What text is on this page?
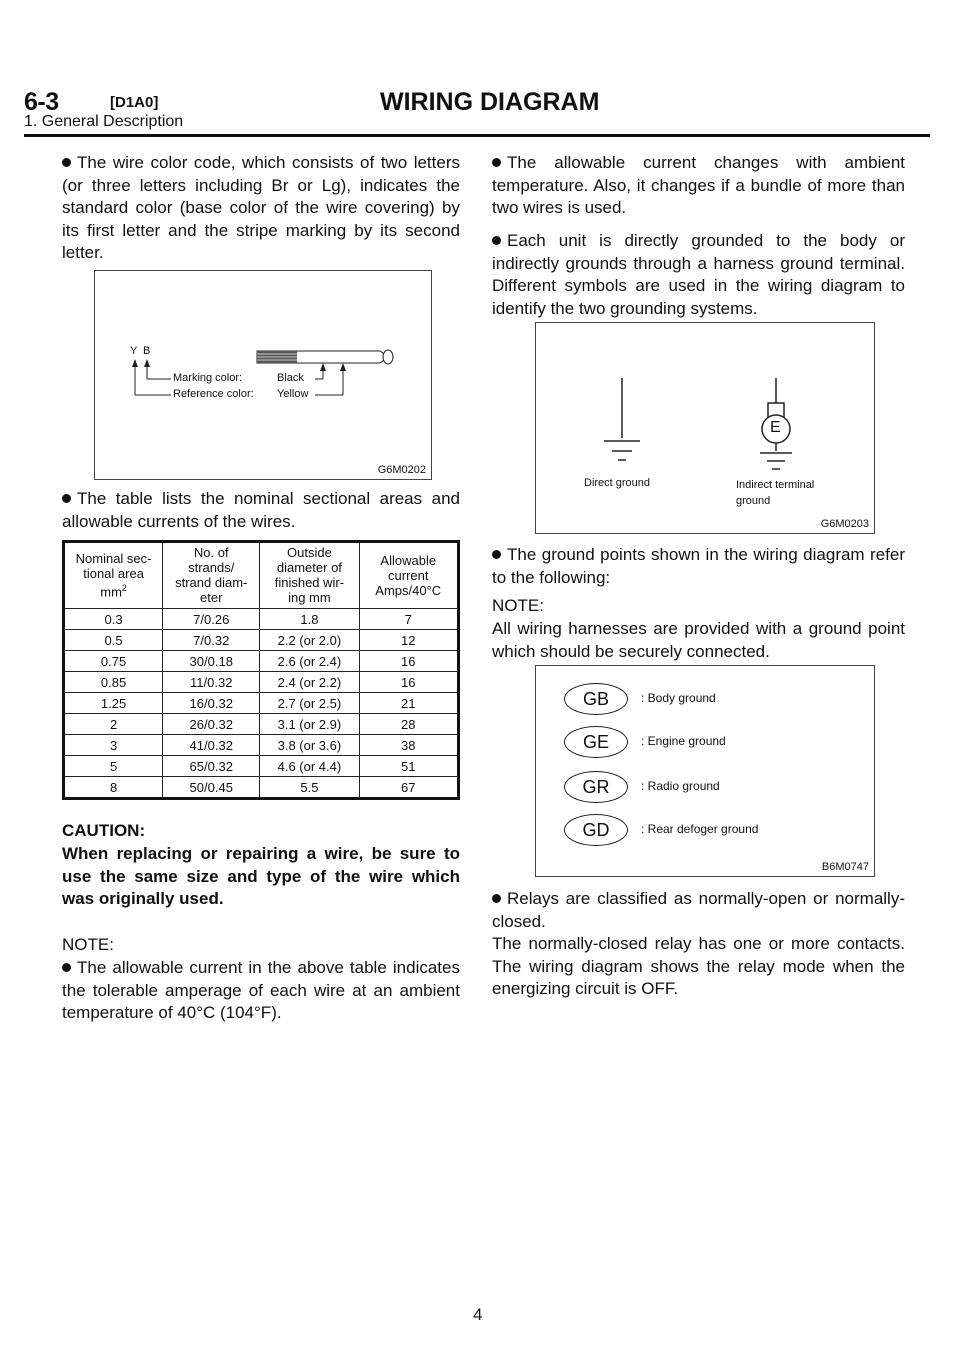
6-3	[D1A0]	WIRING DIAGRAM
1. General Description
The wire color code, which consists of two letters (or three letters including Br or Lg), indicates the standard color (base color of the wire covering) by its first letter and the stripe marking by its second letter.
Y B
Marking color:
Reference color:
Black
Yellow
G6M0202
The table lists the nominal sectional areas and allowable currents of the wires.
Nominal sec-
tional area
$mm^2$	No. of
strands/
strand diam-
eter	Outside
diameter of
finished wir-
ing mm	Allowable
current
Amps/40°C
0.3	7/0.26	1.8	7
0.5	7/0.32	2.2 (or 2.0)	12
0.75	30/0.18	2.6 (or 2.4)	16
0.85	11/0.32	2.4 (or 2.2)	16
1.25	16/0.32	2.7 (or 2.5)	21
2	26/0.32	3.1 (or 2.9)	28
3	41/0.32	3.8 (or 3.6)	38
5	65/0.32	4.6 (or 4.4)	51
8	50/0.45	5.5	67
CAUTION:
When replacing or repairing a wire, be sure to use the same size and type of the wire which was originally used.
NOTE:
The allowable current in the above table indicates the tolerable amperage of each wire at an ambient temperature of 40°C (104°F).
The allowable current changes with ambient temperature. Also, it changes if a bundle of more than two wires is used.
Each unit is directly grounded to the body or indirectly grounds through a harness ground terminal. Different symbols are used in the wiring diagram to identify the two grounding systems.
E
Direct ground	Indirect terminal
ground
G6M0203
The ground points shown in the wiring diagram refer to the following:
NOTE:
All wiring harnesses are provided with a ground point which should be securely connected.
GB	: Body ground
GE	: Engine ground
GR	: Radio ground
GD	: Rear defoger ground
B6M0747
Relays are classified as normally-open or normally-closed.
The normally-closed relay has one or more contacts. The wiring diagram shows the relay mode when the energizing circuit is OFF.
4
